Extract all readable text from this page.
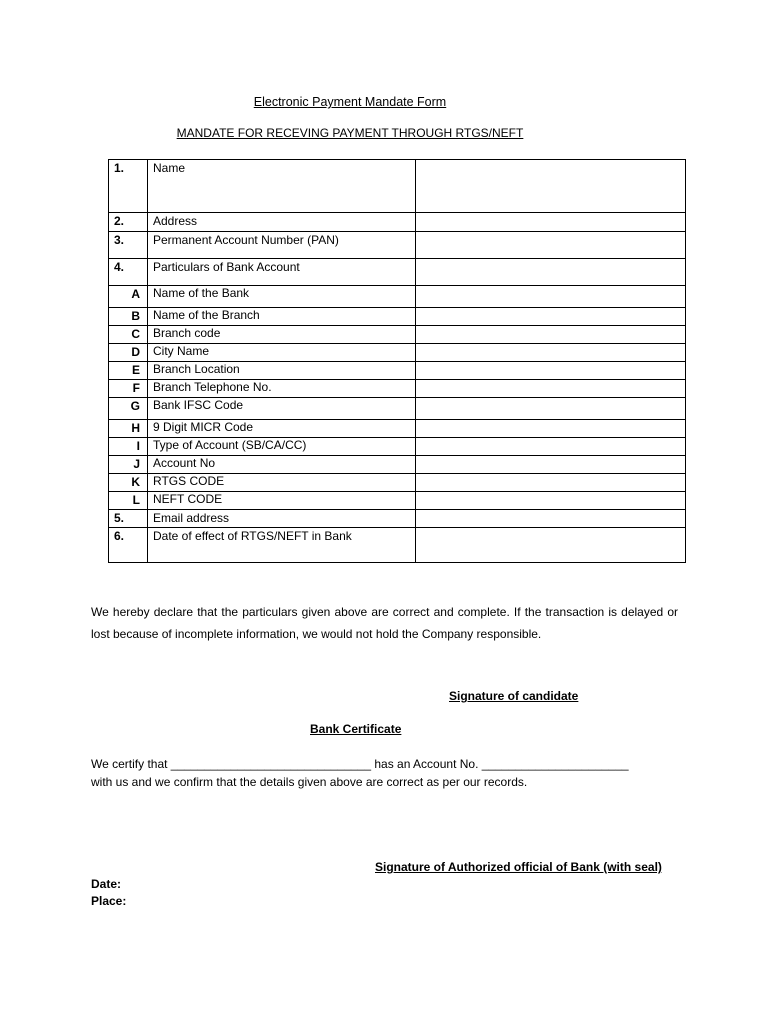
Electronic Payment Mandate Form
MANDATE FOR RECEVING PAYMENT THROUGH RTGS/NEFT
1.	Name	
2.	Address	
3.	Permanent Account Number (PAN)	
4.	Particulars of Bank Account	
A	Name of the Bank	
B	Name of the Branch	
C	Branch code	
D	City Name	
E	Branch Location	
F	Branch Telephone No.	
G	Bank IFSC Code	
H	9 Digit MICR Code	
I	Type of Account (SB/CA/CC)	
J	Account No	
K	RTGS CODE	
L	NEFT CODE	
5.	Email address	
6.	Date of effect of RTGS/NEFT in Bank	
We hereby declare that the particulars given above are correct and complete. If the transaction is delayed or lost because of incomplete information, we would not hold the Company responsible.
Signature of candidate
Bank Certificate
We certify that ______________________________ has an Account No. ______________________
with us and we confirm that the details given above are correct as per our records.
Signature of Authorized official of Bank (with seal)
Date:
Place:
